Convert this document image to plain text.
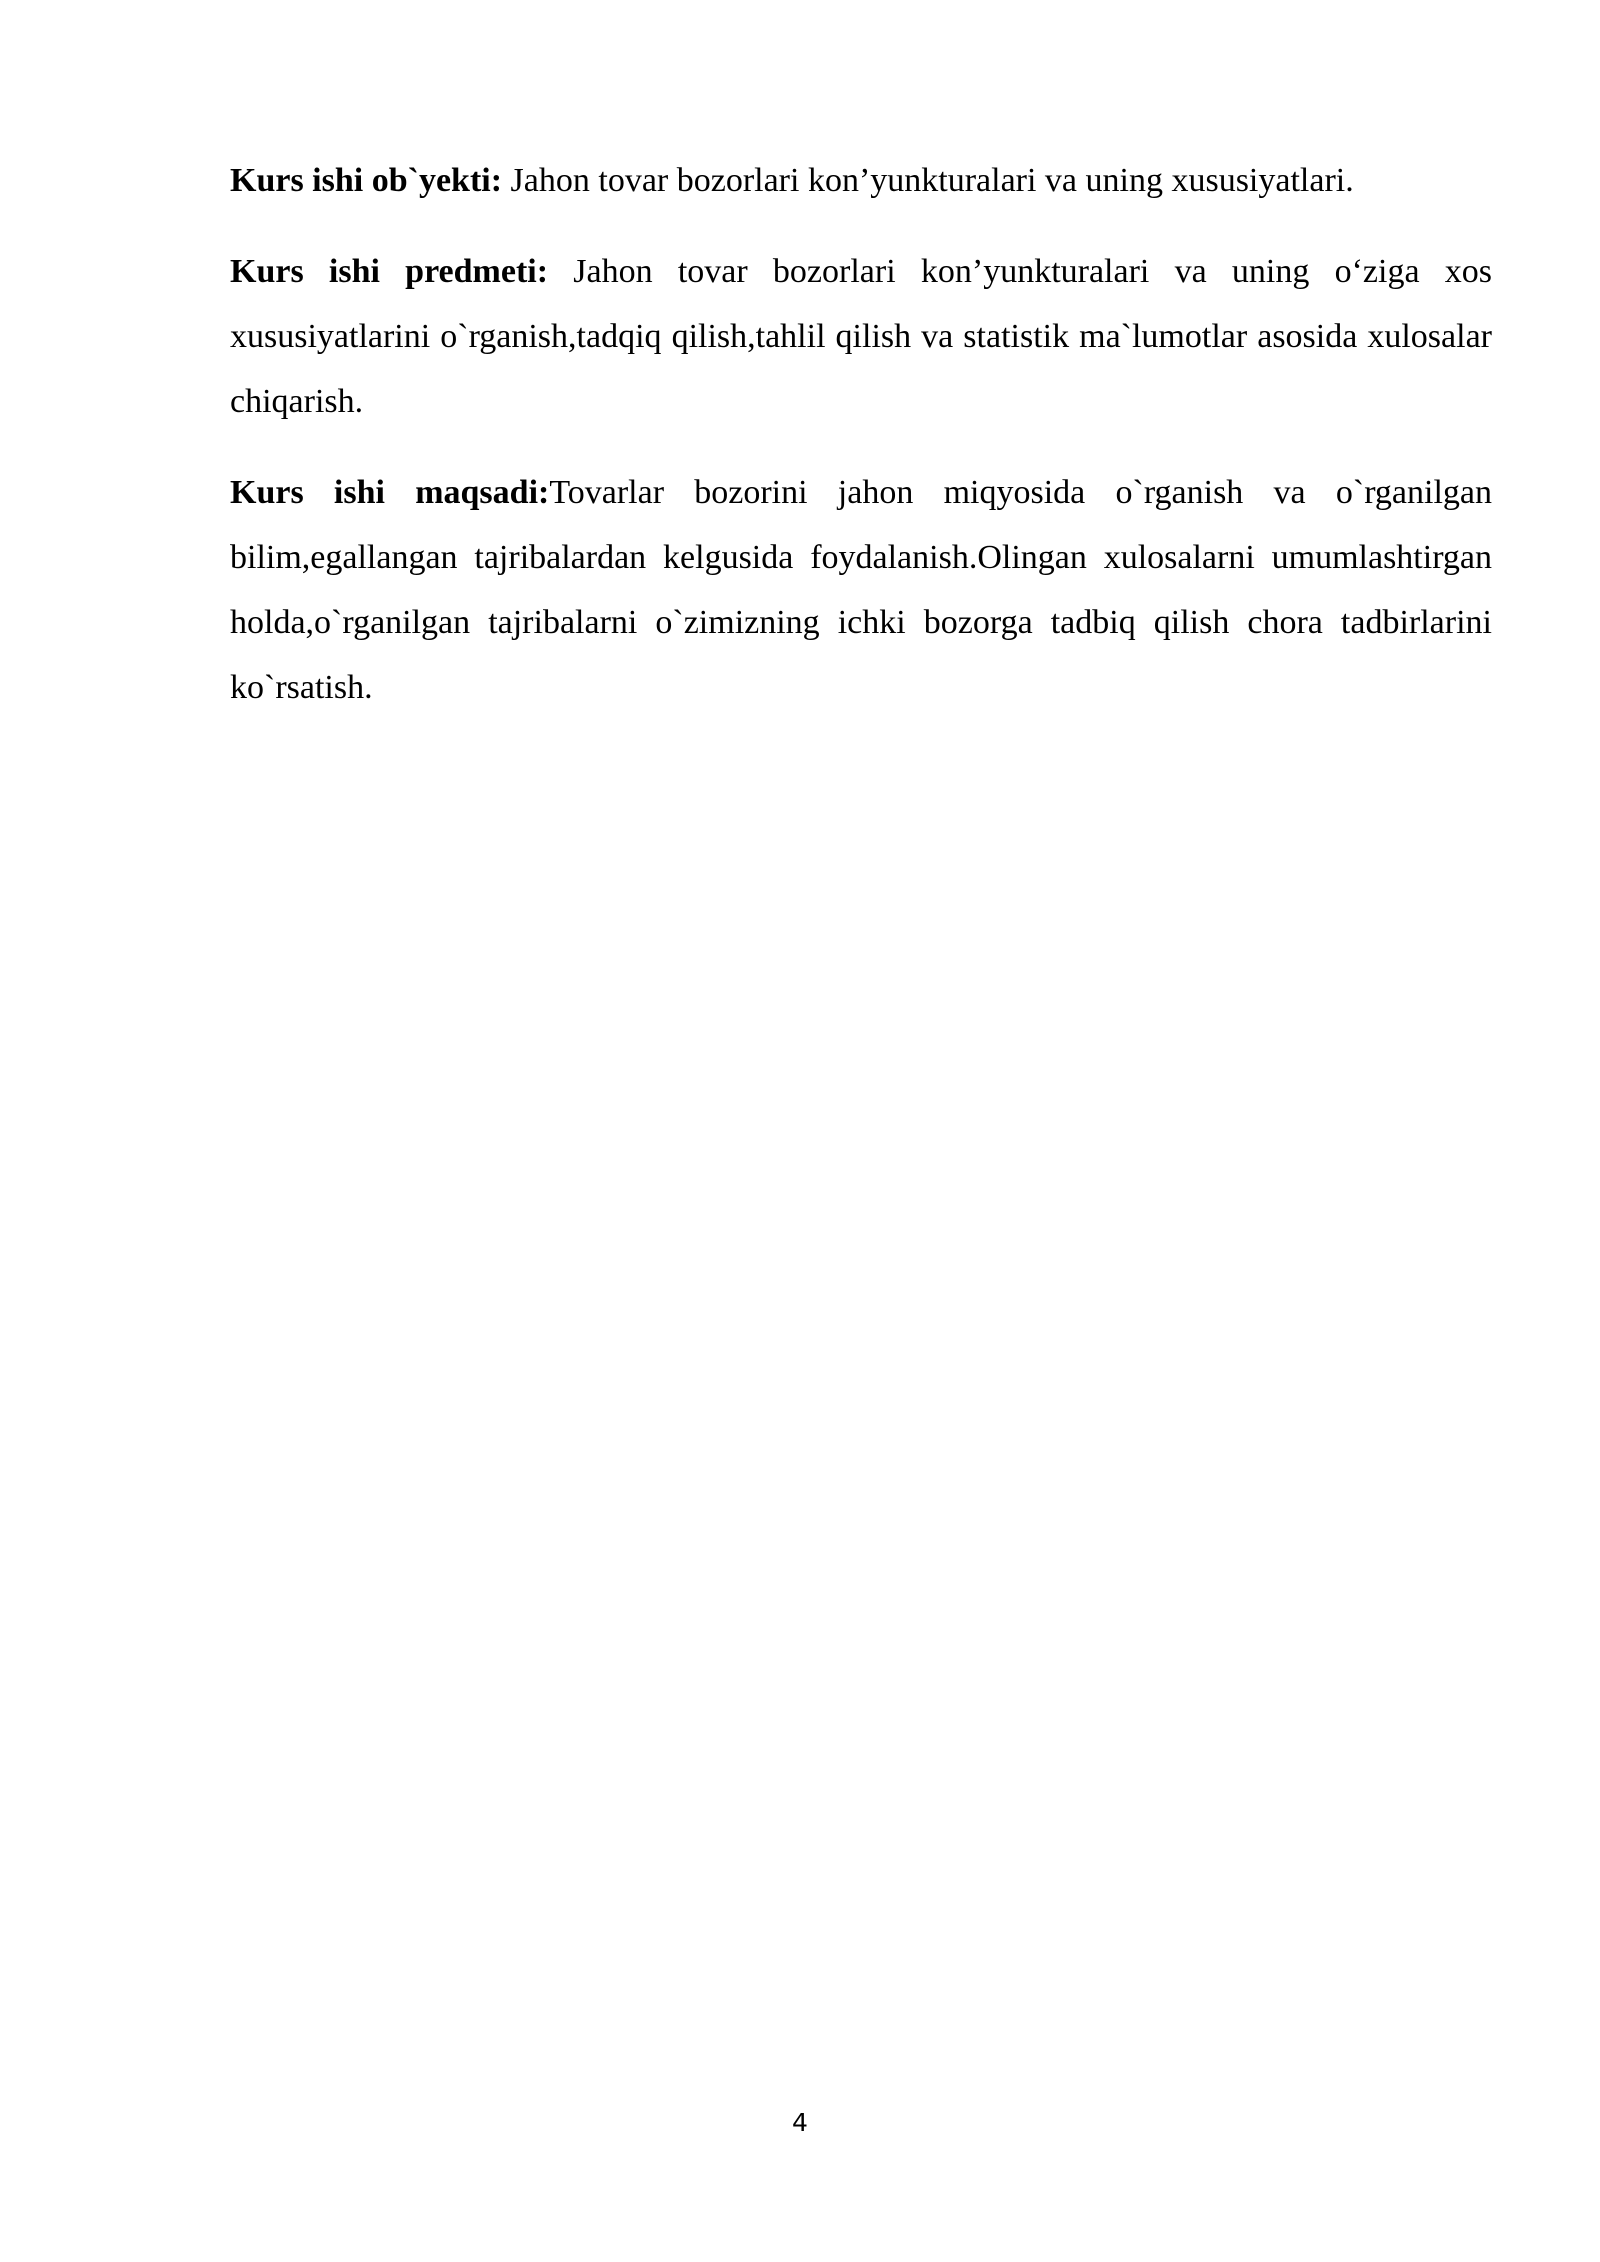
Kurs ishi ob`yekti: Jahon tovar bozorlari kon’yunkturalari va uning xususiyatlari.

Kurs ishi predmeti: Jahon tovar bozorlari kon’yunkturalari va uning o‘ziga xos xususiyatlarini o`rganish,tadqiq qilish,tahlil qilish va statistik ma`lumotlar asosida xulosalar chiqarish.

Kurs ishi maqsadi:Tovarlar bozorini jahon miqyosida o`rganish va o`rganilgan bilim,egallangan tajribalardan kelgusida foydalanish.Olingan xulosalarni umumlashtirgan holda,o`rganilgan tajribalarni o`zimizning ichki bozorga tadbiq qilish chora tadbirlarini ko`rsatish.

4
